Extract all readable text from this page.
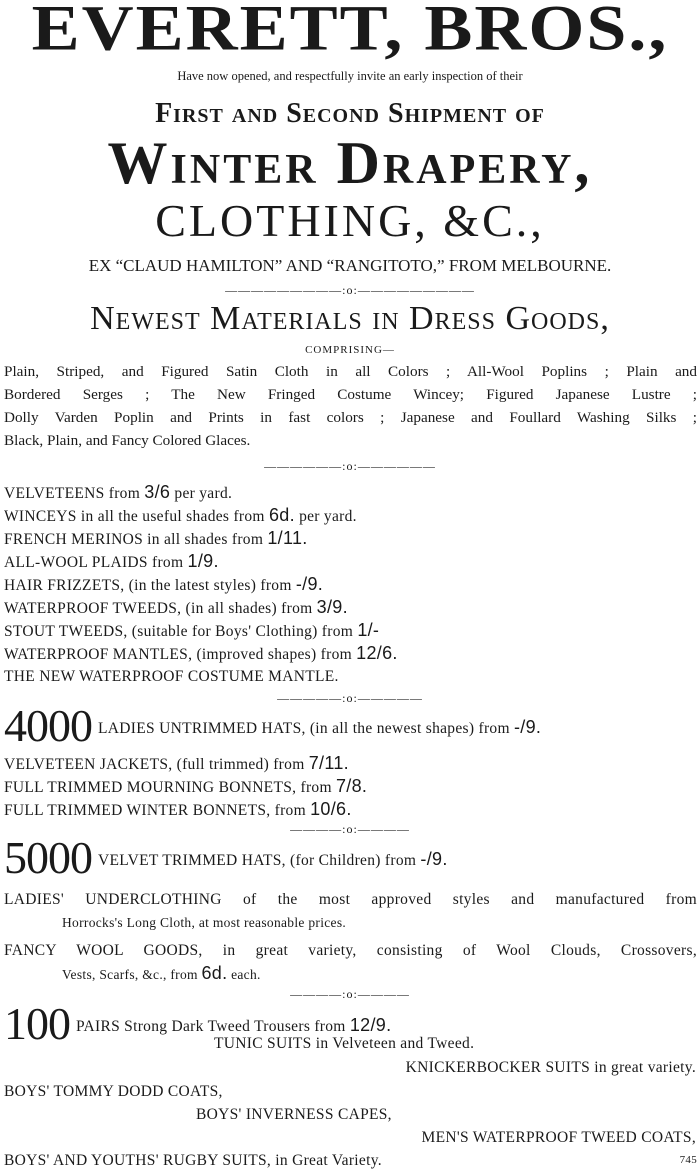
EVERETT, BROS.,
Have now opened, and respectfully invite an early inspection of their
First and Second Shipment of
Winter Drapery,
CLOTHING, &C.,
EX “CLAUD HAMILTON” AND “RANGITOTO,” FROM MELBOURNE.
—————————:o:—————————
Newest Materials in Dress Goods,
COMPRISING—
Plain, Striped, and Figured Satin Cloth in all Colors ; All-Wool Poplins ; Plain and
Bordered Serges ; The New Fringed Costume Wincey; Figured Japanese Lustre ;
Dolly Varden Poplin and Prints in fast colors ; Japanese and Foullard Washing Silks ;
Black, Plain, and Fancy Colored Glaces.
——————:o:——————
VELVETEENS from 3/6 per yard.
WINCEYS in all the useful shades from 6d. per yard.
FRENCH MERINOS in all shades from 1/11.
ALL-WOOL PLAIDS from 1/9.
HAIR FRIZZETS, (in the latest styles) from -/9.
WATERPROOF TWEEDS, (in all shades) from 3/9.
STOUT TWEEDS, (suitable for Boys' Clothing) from 1/-
WATERPROOF MANTLES, (improved shapes) from 12/6.
THE NEW WATERPROOF COSTUME MANTLE.
—————:o:—————
4000 LADIES UNTRIMMED HATS, (in all the newest shapes) from -/9.
VELVETEEN JACKETS, (full trimmed) from 7/11.
FULL TRIMMED MOURNING BONNETS, from 7/8.
FULL TRIMMED WINTER BONNETS, from 10/6.
————:o:————
5000 VELVET TRIMMED HATS, (for Children) from -/9.
LADIES' UNDERCLOTHING of the most approved styles and manufactured from
Horrocks's Long Cloth, at most reasonable prices.
FANCY WOOL GOODS, in great variety, consisting of Wool Clouds, Crossovers,
Vests, Scarfs, &c., from 6d. each.
————:o:————
100 PAIRS Strong Dark Tweed Trousers from 12/9.
TUNIC SUITS in Velveteen and Tweed.
KNICKERBOCKER SUITS in great variety.
BOYS' TOMMY DODD COATS,
BOYS' INVERNESS CAPES,
MEN'S WATERPROOF TWEED COATS,
BOYS' AND YOUTHS' RUGBY SUITS, in Great Variety.	745
